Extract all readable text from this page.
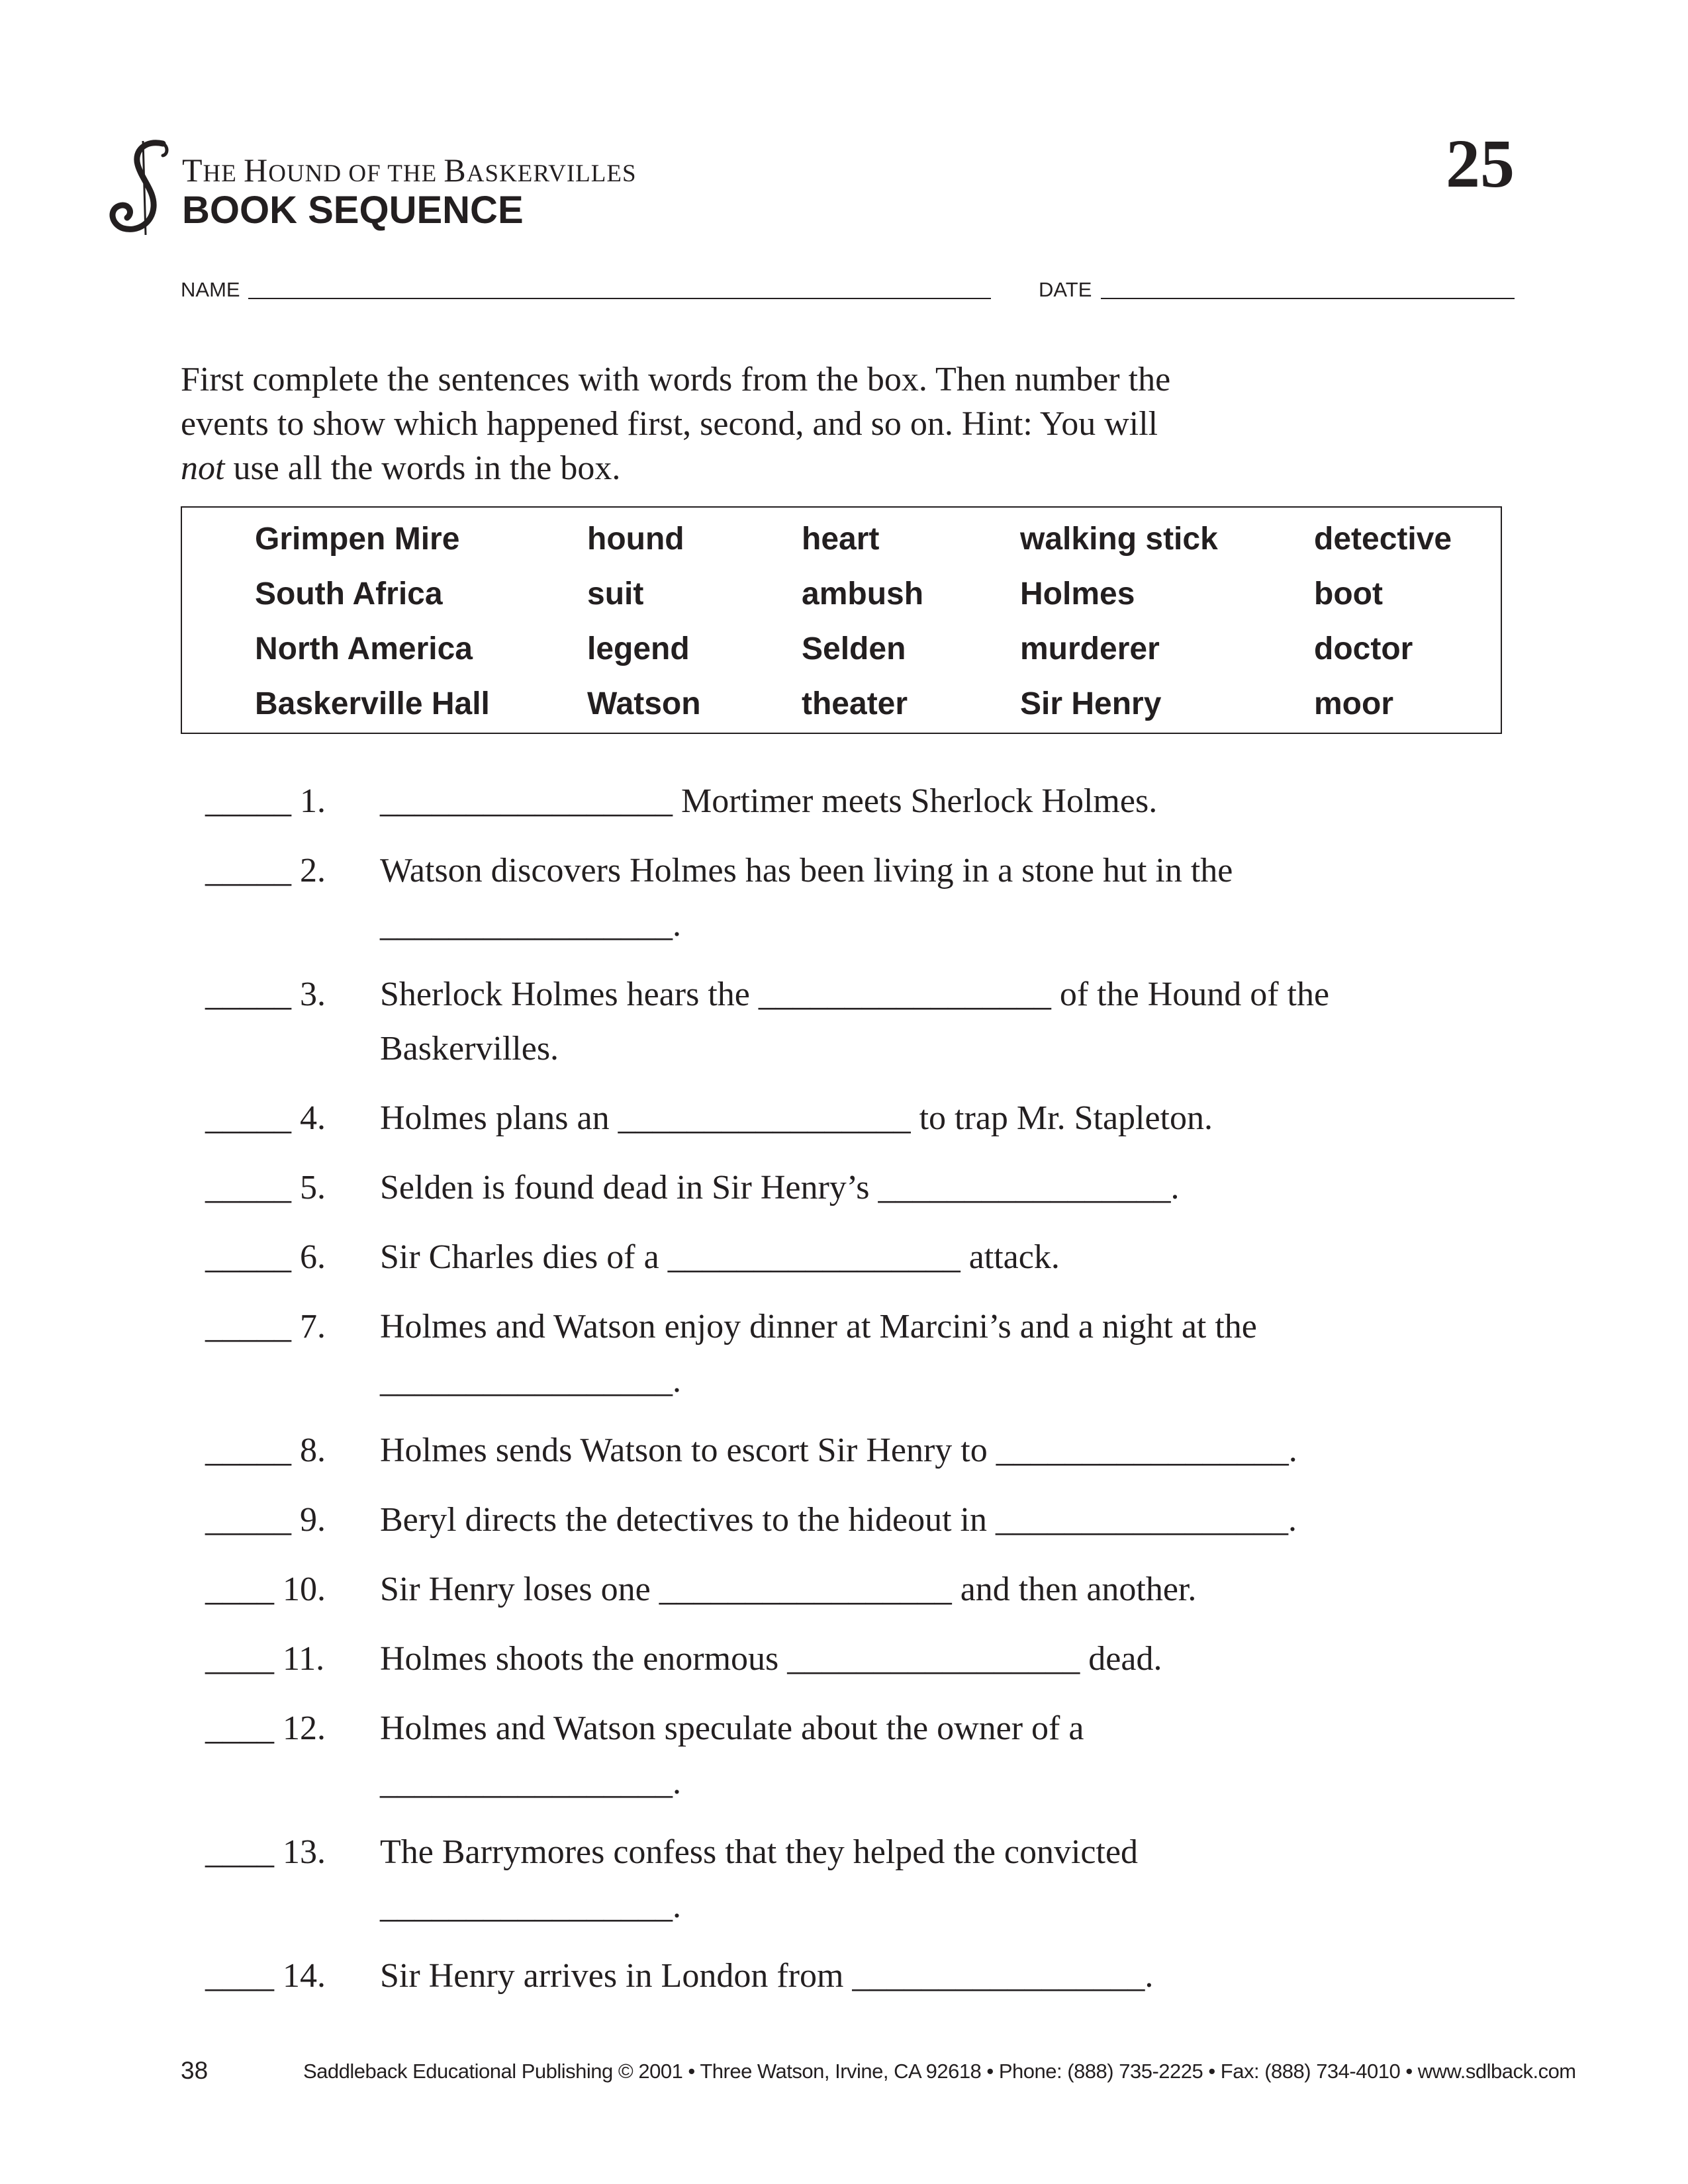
THE HOUND OF THE BASKERVILLES
BOOK SEQUENCE
25
NAME	DATE

First complete the sentences with words from the box. Then number the

events to show which happened first, second, and so on. Hint: You will

not use all the words in the box.

Grimpen Mire	hound	heart	walking stick	detective
South Africa	suit	ambush	Holmes	boot
North America	legend	Selden	murderer	doctor
Baskerville Hall	Watson	theater	Sir Henry	moor
_____ 1. _________________ Mortimer meets Sherlock Holmes.
_____ 2. Watson discovers Holmes has been living in a stone hut in the _________________.
_____ 3. Sherlock Holmes hears the _________________ of the Hound of the Baskervilles.
_____ 4. Holmes plans an _________________ to trap Mr. Stapleton.
_____ 5. Selden is found dead in Sir Henry’s _________________.
_____ 6. Sir Charles dies of a _________________ attack.
_____ 7. Holmes and Watson enjoy dinner at Marcini’s and a night at the _________________.
_____ 8. Holmes sends Watson to escort Sir Henry to _________________.
_____ 9. Beryl directs the detectives to the hideout in _________________.
____ 10. Sir Henry loses one _________________ and then another.
____ 11. Holmes shoots the enormous _________________ dead.
____ 12. Holmes and Watson speculate about the owner of a _________________.
____ 13. The Barrymores confess that they helped the convicted _________________.
____ 14. Sir Henry arrives in London from _________________.
38	Saddleback Educational Publishing © 2001 • Three Watson, Irvine, CA 92618 • Phone: (888) 735-2225 • Fax: (888) 734-4010 • www.sdlback.com
